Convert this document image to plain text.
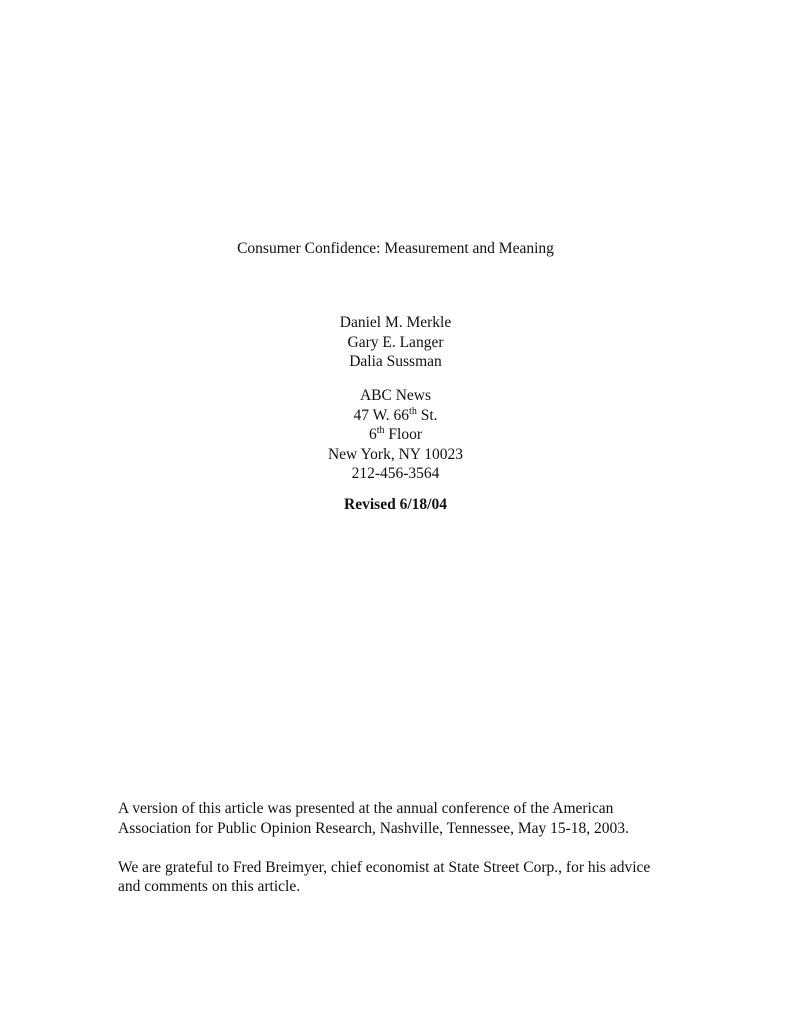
Consumer Confidence: Measurement and Meaning
Daniel M. Merkle
Gary E. Langer
Dalia Sussman
ABC News
47 W. 66th St.
6th Floor
New York, NY 10023
212-456-3564
Revised 6/18/04

A version of this article was presented at the annual conference of the American
Association for Public Opinion Research, Nashville, Tennessee, May 15-18, 2003.

We are grateful to Fred Breimyer, chief economist at State Street Corp., for his advice
and comments on this article.
